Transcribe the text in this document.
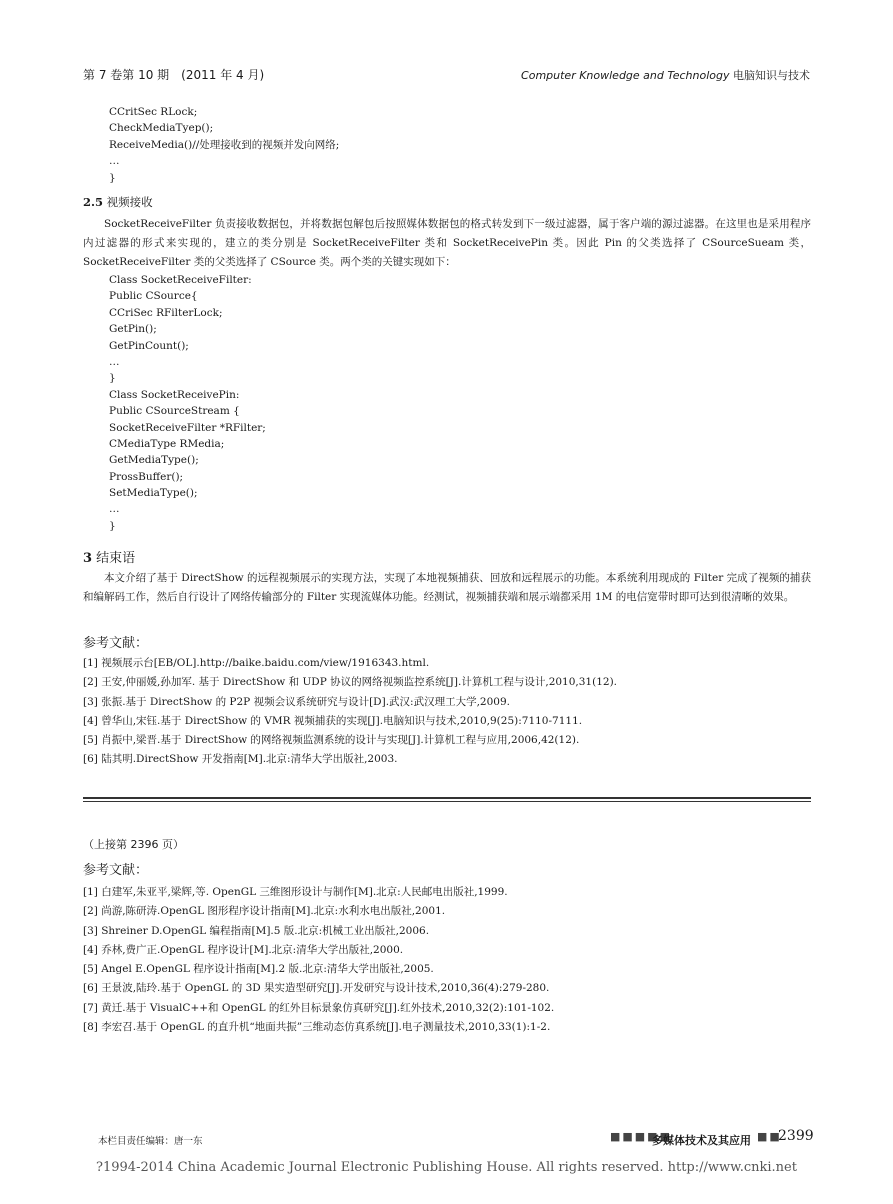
第 7 卷第 10 期　(2011 年 4 月)	Computer Knowledge and Technology 电脑知识与技术
CCritSec RLock;
CheckMediaTyep();
ReceiveMedia()//处理接收到的视频并发向网络;
…
}
2.5 视频接收

SocketReceiveFilter 负责接收数据包，并将数据包解包后按照媒体数据包的格式转发到下一级过滤器，属于客户端的源过滤器。在这里也是采用程序内过滤器的形式来实现的，建立的类分别是 SocketReceiveFilter 类和 SocketReceivePin 类。因此 Pin 的父类选择了 CSourceSueam 类，SocketReceiveFilter 类的父类选择了 CSource 类。两个类的关键实现如下：

Class SocketReceiveFilter:
Public CSource{
CCriSec RFilterLock;
GetPin();
GetPinCount();
…
}
Class SocketReceivePin:
Public CSourceStream {
SocketReceiveFilter *RFilter;
CMediaType RMedia;
GetMediaType();
ProssBuffer();
SetMediaType();
…
}
3 结束语

本文介绍了基于 DirectShow 的远程视频展示的实现方法，实现了本地视频捕获、回放和远程展示的功能。本系统利用现成的 Filter 完成了视频的捕获和编解码工作，然后自行设计了网络传输部分的 Filter 实现流媒体功能。经测试，视频捕获端和展示端都采用 1M 的电信宽带时即可达到很清晰的效果。

参考文献：
[1] 视频展示台[EB/OL].http://baike.baidu.com/view/1916343.html.
[2] 王安,仲丽媛,孙加军. 基于 DirectShow 和 UDP 协议的网络视频监控系统[J].计算机工程与设计,2010,31(12).
[3] 张振.基于 DirectShow 的 P2P 视频会议系统研究与设计[D].武汉:武汉理工大学,2009.
[4] 曾华山,宋钰.基于 DirectShow 的 VMR 视频捕获的实现[J].电脑知识与技术,2010,9(25):7110-7111.
[5] 肖振中,梁晋.基于 DirectShow 的网络视频监测系统的设计与实现[J].计算机工程与应用,2006,42(12).
[6] 陆其明.DirectShow 开发指南[M].北京:清华大学出版社,2003.
（上接第 2396 页）
参考文献：
[1] 白建军,朱亚平,梁辉,等. OpenGL 三维图形设计与制作[M].北京:人民邮电出版社,1999.
[2] 尚游,陈研涛.OpenGL 图形程序设计指南[M].北京:水利水电出版社,2001.
[3] Shreiner D.OpenGL 编程指南[M].5 版.北京:机械工业出版社,2006.
[4] 乔林,费广正.OpenGL 程序设计[M].北京:清华大学出版社,2000.
[5] Angel E.OpenGL 程序设计指南[M].2 版.北京:清华大学出版社,2005.
[6] 王景波,陆玲.基于 OpenGL 的 3D 果实造型研究[J].开发研究与设计技术,2010,36(4):279-280.
[7] 黄迁.基于 VisualC++和 OpenGL 的红外目标景象仿真研究[J].红外技术,2010,32(2):101-102.
[8] 李宏召.基于 OpenGL 的直升机“地面共振”三维动态仿真系统[J].电子测量技术,2010,33(1):1-2.
本栏目责任编辑：唐一东	■■■■■
多媒体技术及其应用 ■■
2399
?1994-2014 China Academic Journal Electronic Publishing House. All rights reserved. http://www.cnki.net
